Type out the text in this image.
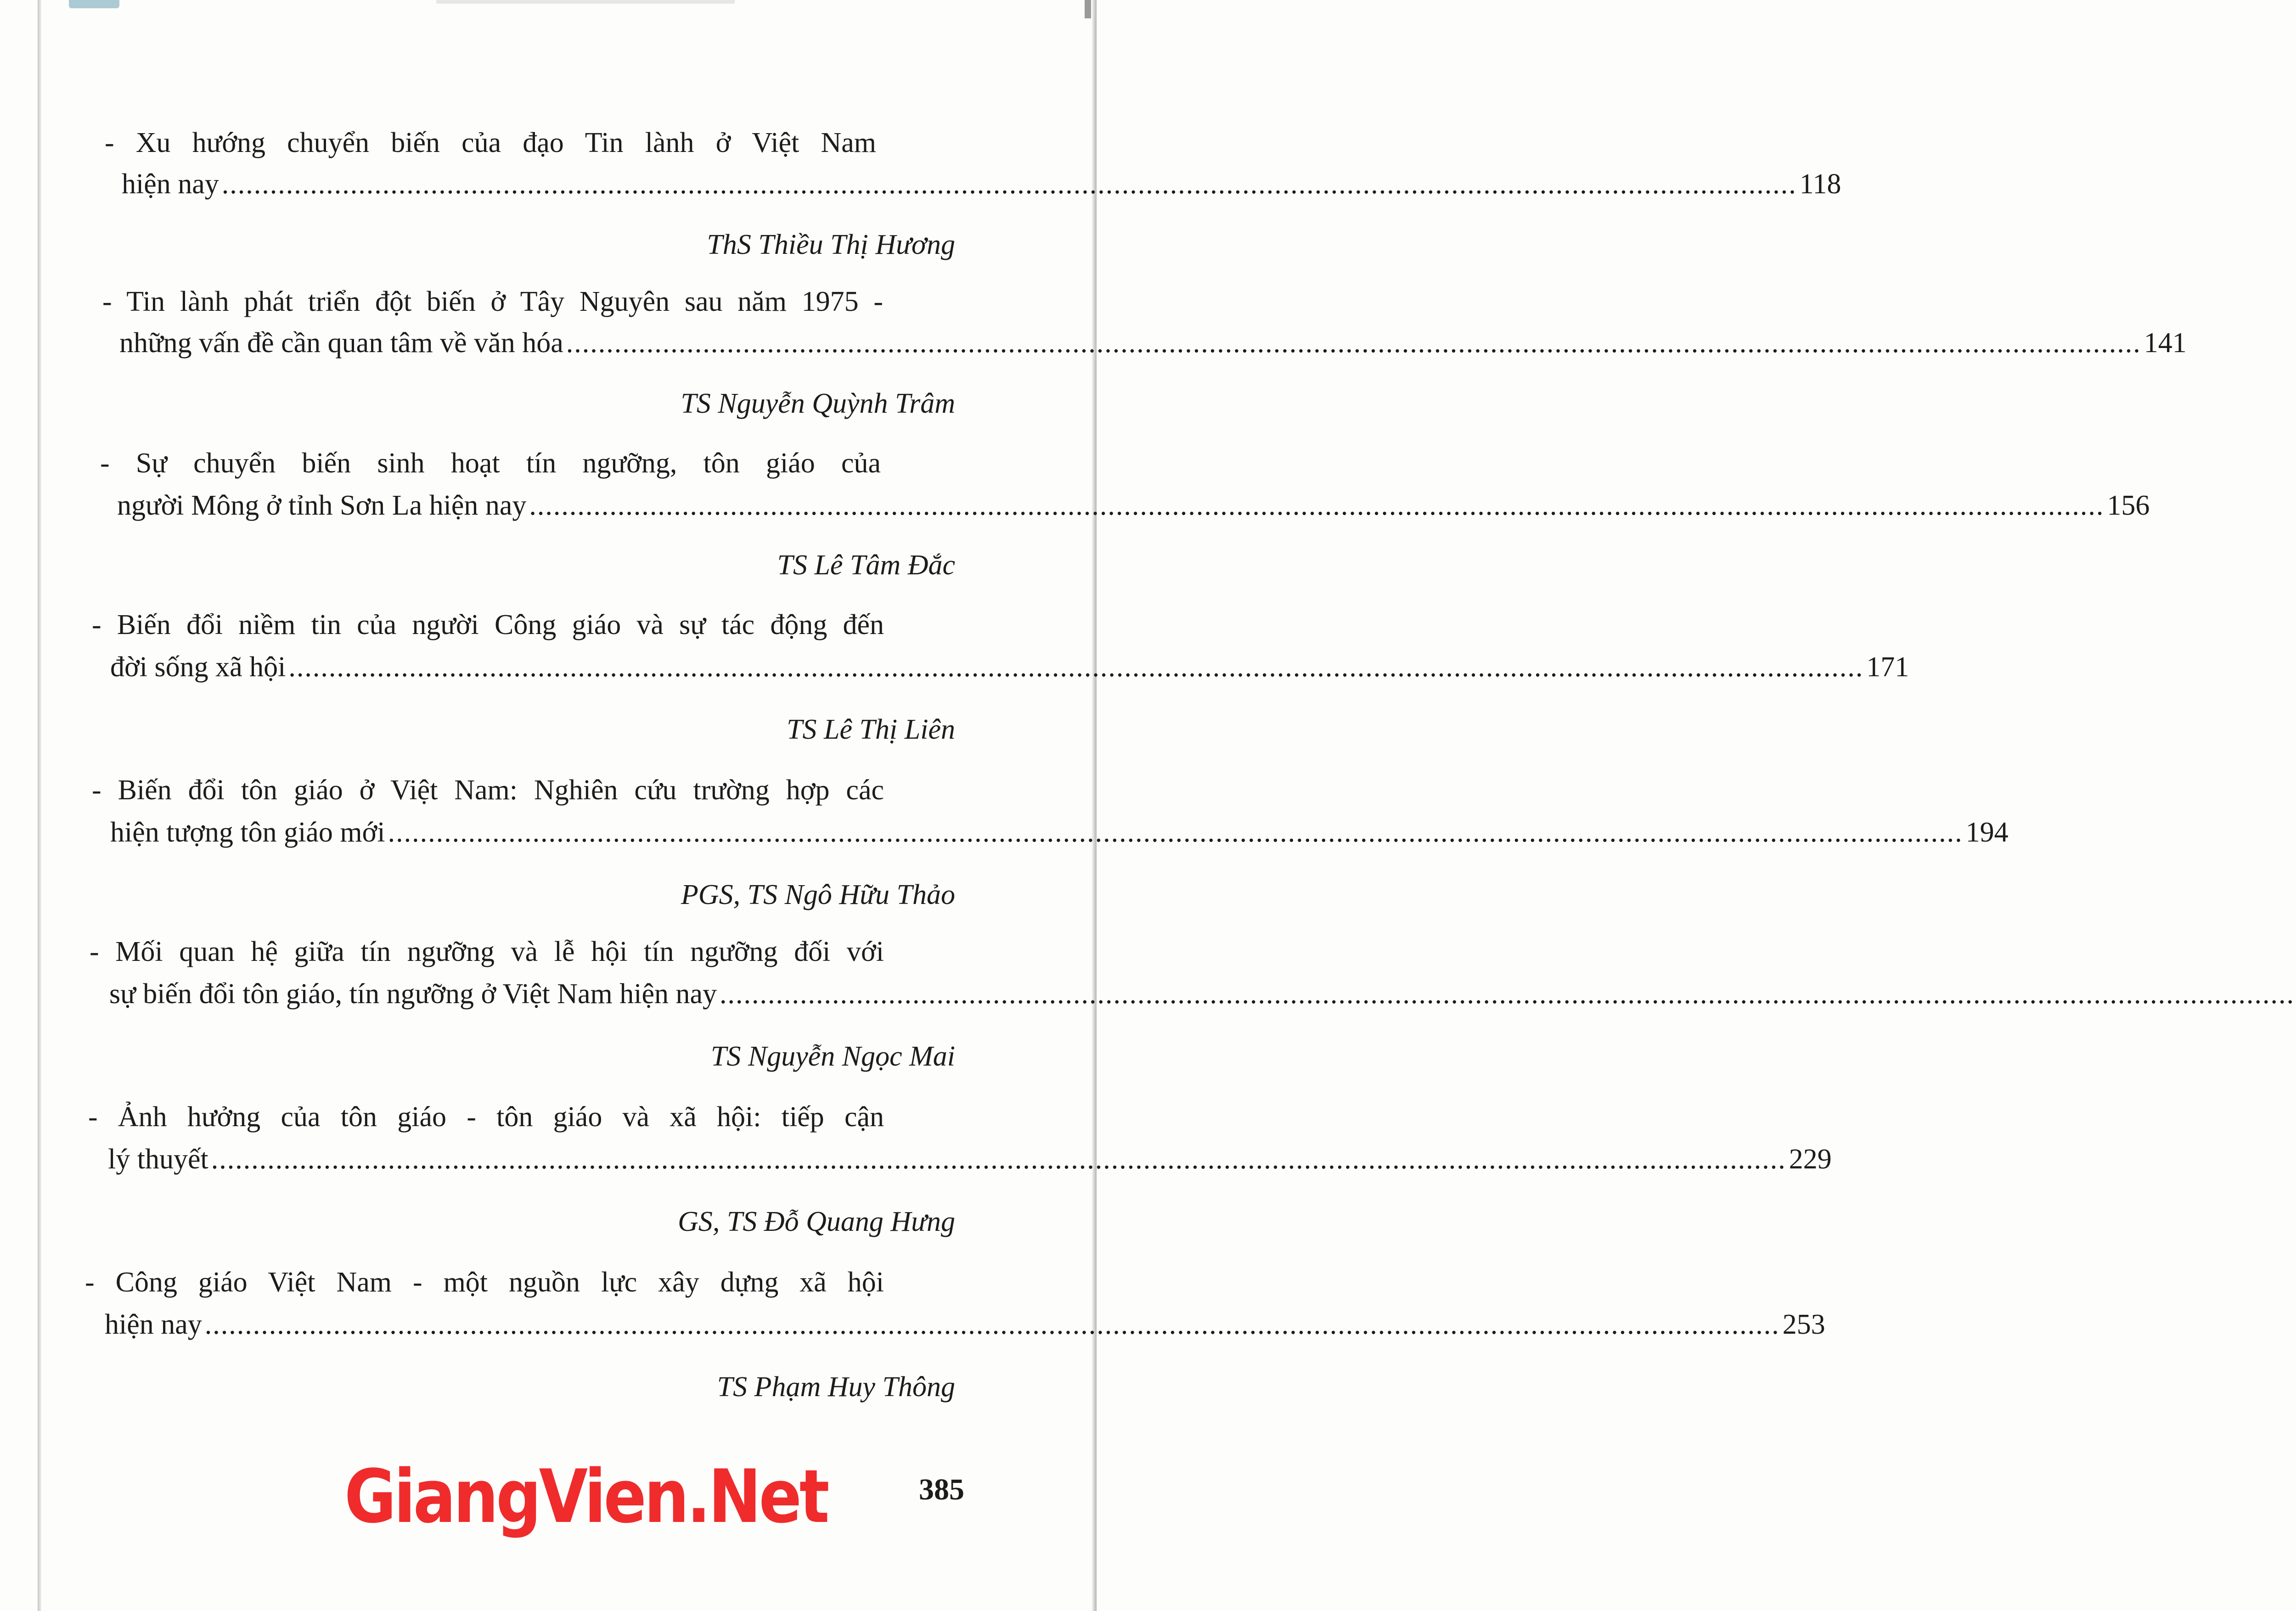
- Xu hướng chuyển biến của đạo Tin lành ở Việt Nam
hiện nay .................................................................................................................................................................................................... 118
ThS Thiều Thị Hương
- Tin lành phát triển đột biến ở Tây Nguyên sau năm 1975 -
những vấn đề cần quan tâm về văn hóa .................................................................................................................................................................................................... 141
TS Nguyễn Quỳnh Trâm
- Sự chuyển biến sinh hoạt tín ngưỡng, tôn giáo của
người Mông ở tỉnh Sơn La hiện nay .................................................................................................................................................................................................... 156
TS Lê Tâm Đắc
- Biến đổi niềm tin của người Công giáo và sự tác động đến
đời sống xã hội .................................................................................................................................................................................................... 171
TS Lê Thị Liên
- Biến đổi tôn giáo ở Việt Nam: Nghiên cứu trường hợp các
hiện tượng tôn giáo mới .................................................................................................................................................................................................... 194
PGS, TS Ngô Hữu Thảo
- Mối quan hệ giữa tín ngưỡng và lễ hội tín ngưỡng đối với
sự biến đổi tôn giáo, tín ngưỡng ở Việt Nam hiện nay ....................................................................................................................................................................................................
TS Nguyễn Ngọc Mai
- Ảnh hưởng của tôn giáo - tôn giáo và xã hội: tiếp cận
lý thuyết .................................................................................................................................................................................................... 229
GS, TS Đỗ Quang Hưng
- Công giáo Việt Nam - một nguồn lực xây dựng xã hội
hiện nay .................................................................................................................................................................................................... 253
TS Phạm Huy Thông
GiangVien.Net	385
